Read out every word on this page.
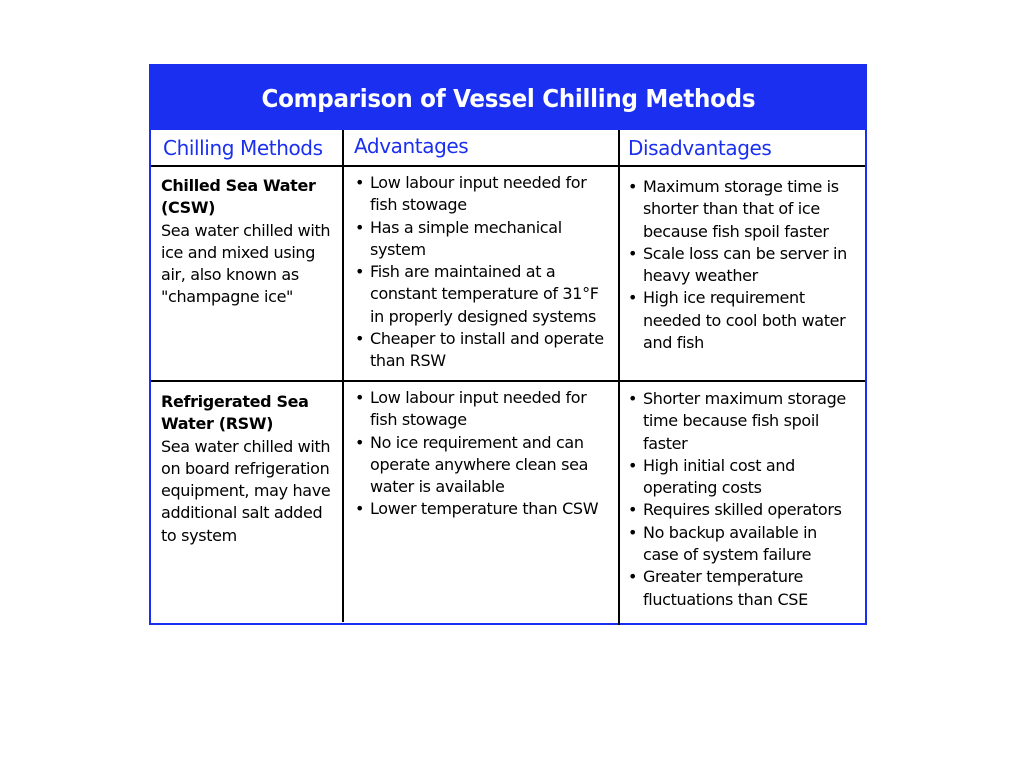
Comparison of Vessel Chilling Methods
Chilling Methods Advantages	Disadvantages
Chilled Sea Water
(CSW)
Sea water chilled with
ice and mixed using
air, also known as
"champagne ice"
• Low labour input needed for
fish stowage
• Has a simple mechanical
system
• Fish are maintained at a
constant temperature of 31°F
in properly designed systems
• Cheaper to install and operate
than RSW
• Maximum storage time is
shorter than that of ice
because fish spoil faster
• Scale loss can be server in
heavy weather
• High ice requirement
needed to cool both water
and fish
Refrigerated Sea
Water (RSW)
Sea water chilled with
on board refrigeration
equipment, may have
additional salt added
to system
• Low labour input needed for
fish stowage
• No ice requirement and can
operate anywhere clean sea
water is available
• Lower temperature than CSW
• Shorter maximum storage
time because fish spoil
faster
• High initial cost and
operating costs
• Requires skilled operators
• No backup available in
case of system failure
• Greater temperature
fluctuations than CSE
